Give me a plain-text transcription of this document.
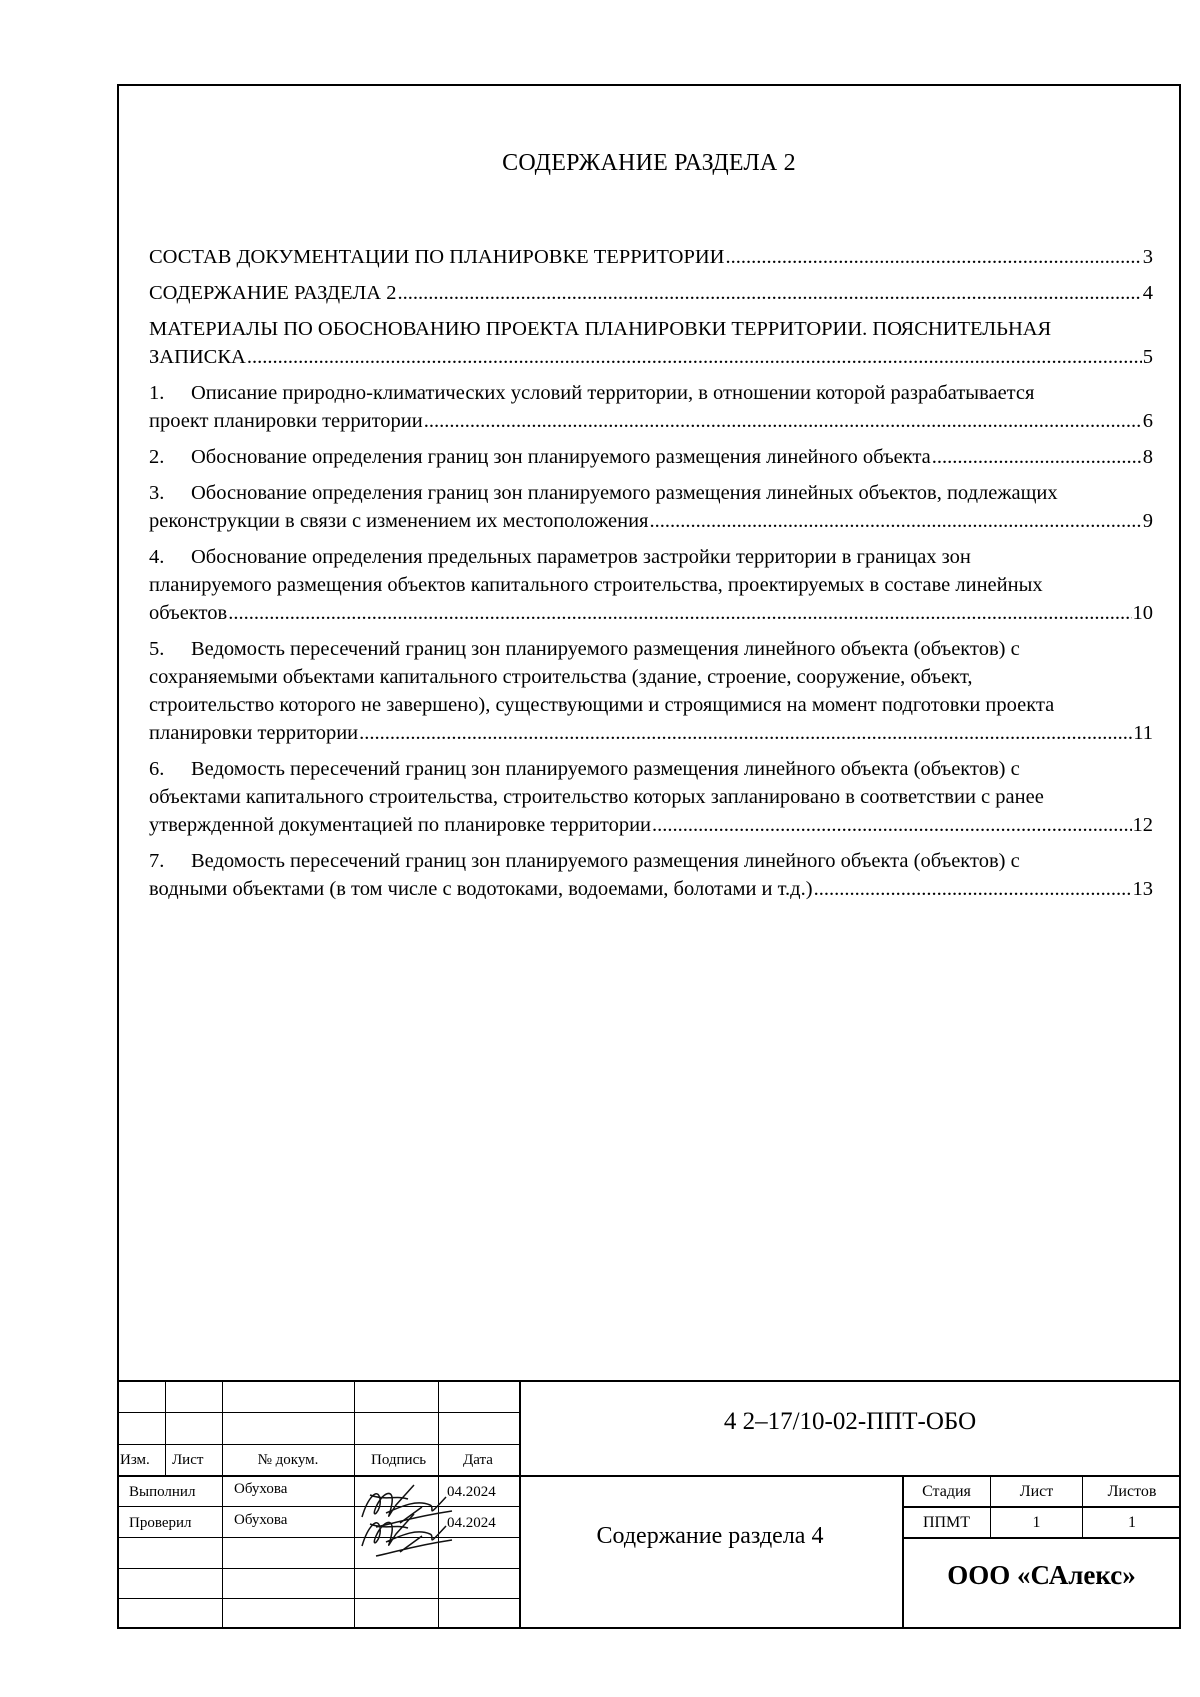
СОДЕРЖАНИЕ РАЗДЕЛА 2
СОСТАВ ДОКУМЕНТАЦИИ ПО ПЛАНИРОВКЕ ТЕРРИТОРИИ .....	3
СОДЕРЖАНИЕ РАЗДЕЛА 2 .....	4
МАТЕРИАЛЫ ПО ОБОСНОВАНИЮ ПРОЕКТА ПЛАНИРОВКИ ТЕРРИТОРИИ. ПОЯСНИТЕЛЬНАЯ
ЗАПИСКА .....	5
1. Описание природно-климатических условий территории, в отношении которой разрабатывается
проект планировки территории .....	6
2. Обоснование определения границ зон планируемого размещения линейного объекта .....	8
3. Обоснование определения границ зон планируемого размещения линейных объектов, подлежащих
реконструкции в связи с изменением их местоположения .....	9
4. Обоснование определения предельных параметров застройки территории в границах зон
планируемого размещения объектов капитального строительства, проектируемых в составе линейных
объектов .....	10
5. Ведомость пересечений границ зон планируемого размещения линейного объекта (объектов) с
сохраняемыми объектами капитального строительства (здание, строение, сооружение, объект,
строительство которого не завершено), существующими и строящимися на момент подготовки проекта
планировки территории .....	11
6. Ведомость пересечений границ зон планируемого размещения линейного объекта (объектов) с
объектами капитального строительства, строительство которых запланировано в соответствии с ранее
утвержденной документацией по планировке территории .....	12
7. Ведомость пересечений границ зон планируемого размещения линейного объекта (объектов) с
водными объектами (в том числе с водотоками, водоемами, болотами и т.д.) .....	13
Изм. Лист	№ докум.	Подпись Дата
Выполнил	Обухова	04.2024
Проверил	Обухова	04.2024
4 2–17/10-02-ППТ-ОБО
Содержание раздела 4
Стадия	Лист	Листов
ППМТ	1	1
ООО «САлекс»
